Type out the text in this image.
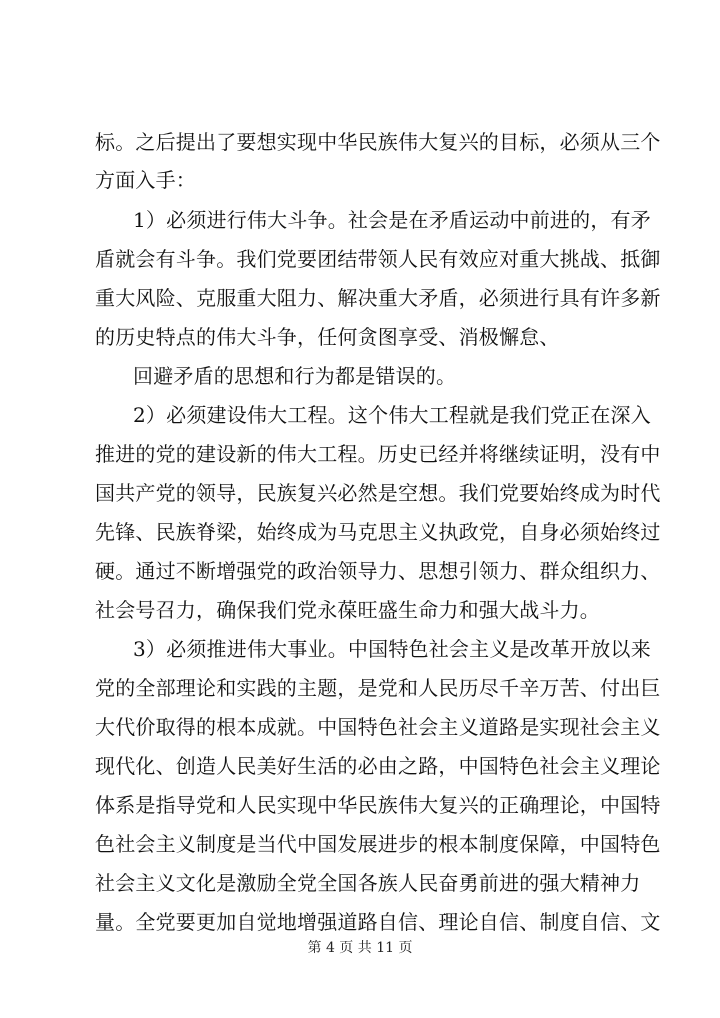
标。之后提出了要想实现中华民族伟大复兴的目标，必须从三个
方面入手：
1）必须进行伟大斗争。社会是在矛盾运动中前进的，有矛
盾就会有斗争。我们党要团结带领人民有效应对重大挑战、抵御
重大风险、克服重大阻力、解决重大矛盾，必须进行具有许多新
的历史特点的伟大斗争，任何贪图享受、消极懈怠、
回避矛盾的思想和行为都是错误的。
2）必须建设伟大工程。这个伟大工程就是我们党正在深入
推进的党的建设新的伟大工程。历史已经并将继续证明，没有中
国共产党的领导，民族复兴必然是空想。我们党要始终成为时代
先锋、民族脊梁，始终成为马克思主义执政党，自身必须始终过
硬。通过不断增强党的政治领导力、思想引领力、群众组织力、
社会号召力，确保我们党永葆旺盛生命力和强大战斗力。
3）必须推进伟大事业。中国特色社会主义是改革开放以来
党的全部理论和实践的主题，是党和人民历尽千辛万苦、付出巨
大代价取得的根本成就。中国特色社会主义道路是实现社会主义
现代化、创造人民美好生活的必由之路，中国特色社会主义理论
体系是指导党和人民实现中华民族伟大复兴的正确理论，中国特
色社会主义制度是当代中国发展进步的根本制度保障，中国特色
社会主义文化是激励全党全国各族人民奋勇前进的强大精神力
量。全党要更加自觉地增强道路自信、理论自信、制度自信、文
第 4 页 共 11 页
